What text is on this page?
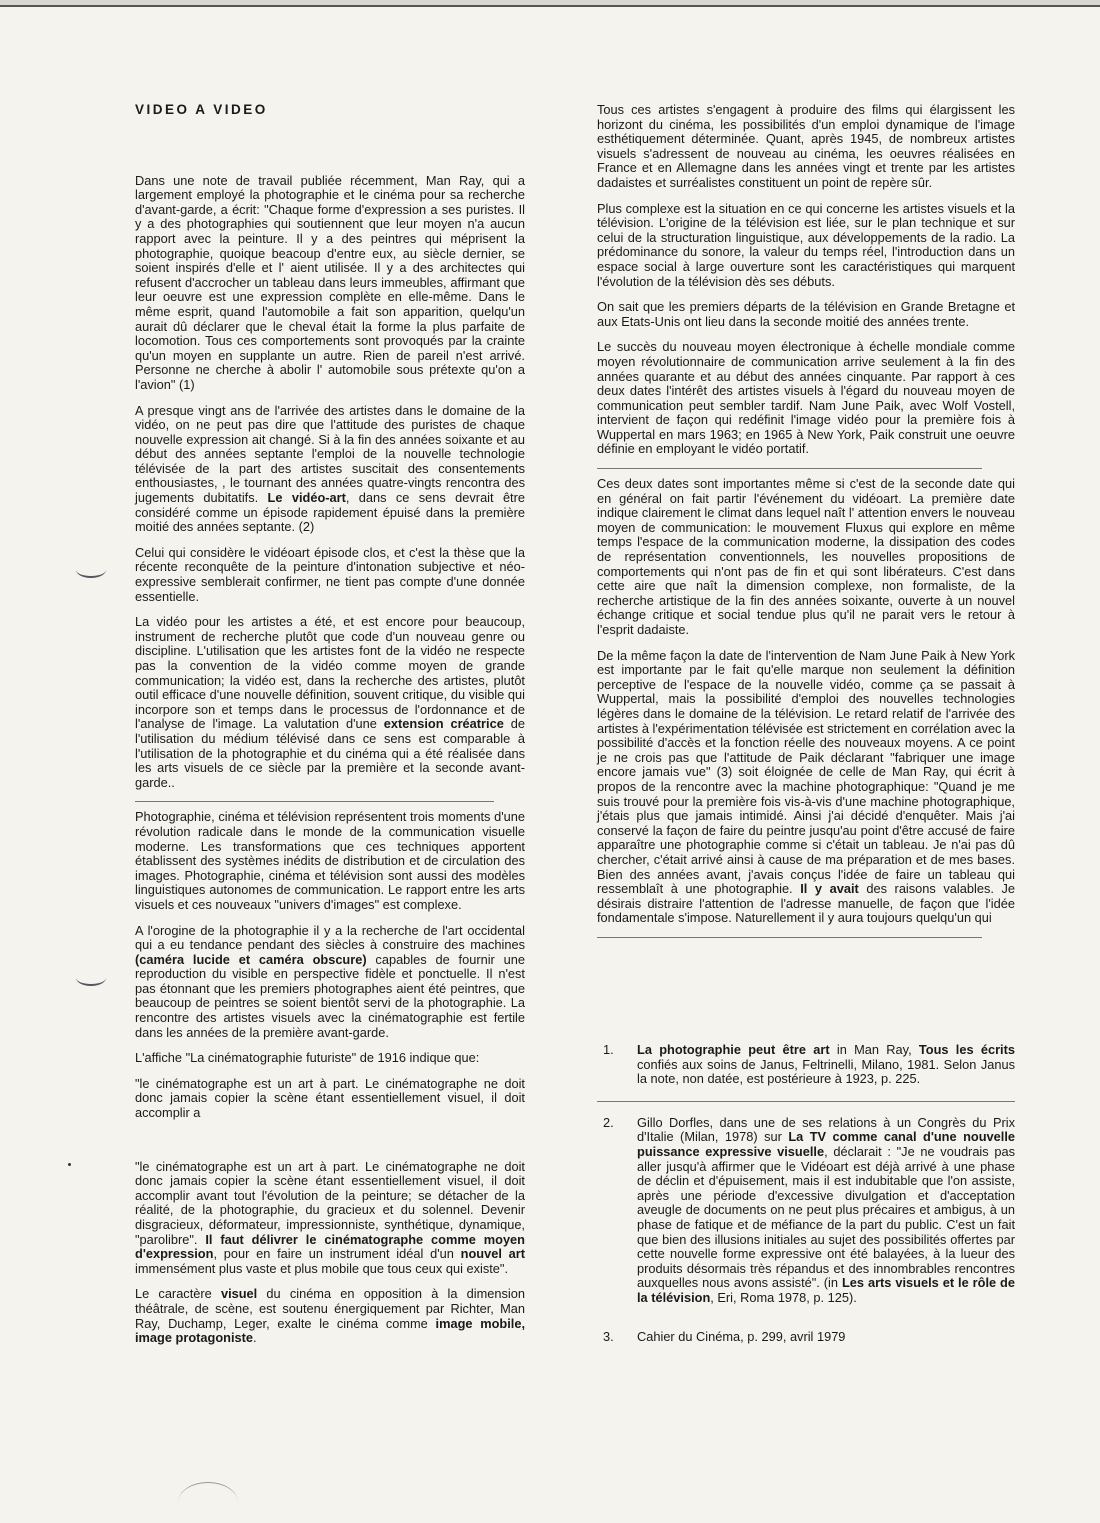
VIDEO A VIDEO

Dans une note de travail publiée récemment, Man Ray, qui a largement employé la photographie et le cinéma pour sa recherche d'avant-garde, a écrit: "Chaque forme d'expression a ses puristes. Il y a des photographies qui soutiennent que leur moyen n'a aucun rapport avec la peinture. Il y a des peintres qui méprisent la photographie, quoique beacoup d'entre eux, au siècle dernier, se soient inspirés d'elle et l' aient utilisée. Il y a des architectes qui refusent d'accrocher un tableau dans leurs immeubles, affirmant que leur oeuvre est une expression complète en elle-même. Dans le même esprit, quand l'automobile a fait son apparition, quelqu'un aurait dû déclarer que le cheval était la forme la plus parfaite de locomotion. Tous ces comportements sont provoqués par la crainte qu'un moyen en supplante un autre. Rien de pareil n'est arrivé. Personne ne cherche à abolir l' automobile sous prétexte qu'on a l'avion" (1)

A presque vingt ans de l'arrivée des artistes dans le domaine de la vidéo, on ne peut pas dire que l'attitude des puristes de chaque nouvelle expression ait changé. Si à la fin des années soixante et au début des années septante l'emploi de la nouvelle technologie télévisée de la part des artistes suscitait des consentements enthousiastes, , le tournant des années quatre-vingts rencontra des jugements dubitatifs. Le vidéo-art, dans ce sens devrait être considéré comme un épisode rapidement épuisé dans la première moitié des années septante. (2)

Celui qui considère le vidéoart épisode clos, et c'est la thèse que la récente reconquête de la peinture d'intonation subjective et néo-expressive semblerait confirmer, ne tient pas compte d'une donnée essentielle.

La vidéo pour les artistes a été, et est encore pour beaucoup, instrument de recherche plutôt que code d'un nouveau genre ou discipline. L'utilisation que les artistes font de la vidéo ne respecte pas la convention de la vidéo comme moyen de grande communication; la vidéo est, dans la recherche des artistes, plutôt outil efficace d'une nouvelle définition, souvent critique, du visible qui incorpore son et temps dans le processus de l'ordonnance et de l'analyse de l'image. La valutation d'une extension créatrice de l'utilisation du médium télévisé dans ce sens est comparable à l'utilisation de la photographie et du cinéma qui a été réalisée dans les arts visuels de ce siècle par la première et la seconde avant-garde..

Photographie, cinéma et télévision représentent trois moments d'une révolution radicale dans le monde de la communication visuelle moderne. Les transformations que ces techniques apportent établissent des systèmes inédits de distribution et de circulation des images. Photographie, cinéma et télévision sont aussi des modèles linguistiques autonomes de communication. Le rapport entre les arts visuels et ces nouveaux "univers d'images" est complexe.

A l'orogine de la photographie il y a la recherche de l'art occidental qui a eu tendance pendant des siècles à construire des machines (caméra lucide et caméra obscure) capables de fournir une reproduction du visible en perspective fidèle et ponctuelle. Il n'est pas étonnant que les premiers photographes aient été peintres, que beaucoup de peintres se soient bientôt servi de la photographie. La rencontre des artistes visuels avec la cinématographie est fertile dans les années de la première avant-garde.

L'affiche "La cinématographie futuriste" de 1916 indique que:

"le cinématographe est un art à part. Le cinématographe ne doit donc jamais copier la scène étant essentiellement visuel, il doit accomplir a

"le cinématographe est un art à part. Le cinématographe ne doit donc jamais copier la scène étant essentiellement visuel, il doit accomplir avant tout l'évolution de la peinture; se détacher de la réalité, de la photographie, du gracieux et du solennel. Devenir disgracieux, déformateur, impressionniste, synthétique, dynamique, "parolibre". Il faut délivrer le cinématographe comme moyen d'expression, pour en faire un instrument idéal d'un nouvel art immensément plus vaste et plus mobile que tous ceux qui existe".

Le caractère visuel du cinéma en opposition à la dimension théâtrale, de scène, est soutenu énergiquement par Richter, Man Ray, Duchamp, Leger, exalte le cinéma comme image mobile, image protagoniste.

Tous ces artistes s'engagent à produire des films qui élargissent les horizont du cinéma, les possibilités d'un emploi dynamique de l'image esthétiquement déterminée. Quant, après 1945, de nombreux artistes visuels s'adressent de nouveau au cinéma, les oeuvres réalisées en France et en Allemagne dans les années vingt et trente par les artistes dadaistes et surréalistes constituent un point de repère sûr.

Plus complexe est la situation en ce qui concerne les artistes visuels et la télévision. L'origine de la télévision est liée, sur le plan technique et sur celui de la structuration linguistique, aux développements de la radio. La prédominance du sonore, la valeur du temps réel, l'introduction dans un espace social à large ouverture sont les caractéristiques qui marquent l'évolution de la télévision dès ses débuts.

On sait que les premiers départs de la télévision en Grande Bretagne et aux Etats-Unis ont lieu dans la seconde moitié des années trente.

Le succès du nouveau moyen électronique à échelle mondiale comme moyen révolutionnaire de communication arrive seulement à la fin des années quarante et au début des années cinquante. Par rapport à ces deux dates l'intérêt des artistes visuels à l'égard du nouveau moyen de communication peut sembler tardif. Nam June Paik, avec Wolf Vostell, intervient de façon qui redéfinit l'image vidéo pour la première fois à Wuppertal en mars 1963; en 1965 à New York, Paik construit une oeuvre définie en employant le vidéo portatif.

Ces deux dates sont importantes même si c'est de la seconde date qui en général on fait partir l'événement du vidéoart. La première date indique clairement le climat dans lequel naît l' attention envers le nouveau moyen de communication: le mouvement Fluxus qui explore en même temps l'espace de la communication moderne, la dissipation des codes de représentation conventionnels, les nouvelles propositions de comportements qui n'ont pas de fin et qui sont libérateurs. C'est dans cette aire que naît la dimension complexe, non formaliste, de la recherche artistique de la fin des années soixante, ouverte à un nouvel échange critique et social tendue plus qu'il ne parait vers le retour à l'esprit dadaiste.

De la même façon la date de l'intervention de Nam June Paik à New York est importante par le fait qu'elle marque non seulement la définition perceptive de l'espace de la nouvelle vidéo, comme ça se passait à Wuppertal, mais la possibilité d'emploi des nouvelles technologies légères dans le domaine de la télévision. Le retard relatif de l'arrivée des artistes à l'expérimentation télévisée est strictement en corrélation avec la possibilité d'accès et la fonction réelle des nouveaux moyens. A ce point je ne crois pas que l'attitude de Paik déclarant "fabriquer une image encore jamais vue" (3) soit éloignée de celle de Man Ray, qui écrit à propos de la rencontre avec la machine photographique: "Quand je me suis trouvé pour la première fois vis-à-vis d'une machine photographique, j'étais plus que jamais intimidé. Ainsi j'ai décidé d'enquêter. Mais j'ai conservé la façon de faire du peintre jusqu'au point d'être accusé de faire apparaître une photographie comme si c'était un tableau. Je n'ai pas dû chercher, c'était arrivé ainsi à cause de ma préparation et de mes bases. Bien des années avant, j'avais conçus l'idée de faire un tableau qui ressemblaît à une photographie. Il y avait des raisons valables. Je désirais distraire l'attention de l'adresse manuelle, de façon que l'idée fondamentale s'impose. Naturellement il y aura toujours quelqu'un qui

1.	La photographie peut être art in Man Ray, Tous les écrits confiés aux soins de Janus, Feltrinelli, Milano, 1981. Selon Janus la note, non datée, est postérieure à 1923, p. 225.
2.	Gillo Dorfles, dans une de ses relations à un Congrès du Prix d'Italie (Milan, 1978) sur La TV comme canal d'une nouvelle puissance expressive visuelle, déclarait : "Je ne voudrais pas aller jusqu'à affirmer que le Vidéoart est déjà arrivé à une phase de déclin et d'épuisement, mais il est indubitable que l'on assiste, après une période d'excessive divulgation et d'acceptation aveugle de documents on ne peut plus précaires et ambigus, à un phase de fatique et de méfiance de la part du public. C'est un fait que bien des illusions initiales au sujet des possibilités offertes par cette nouvelle forme expressive ont été balayées, à la lueur des produits désormais très répandus et des innombrables rencontres auxquelles nous avons assisté". (in Les arts visuels et le rôle de la télévision, Eri, Roma 1978, p. 125).
3.	Cahier du Cinéma, p. 299, avril 1979
